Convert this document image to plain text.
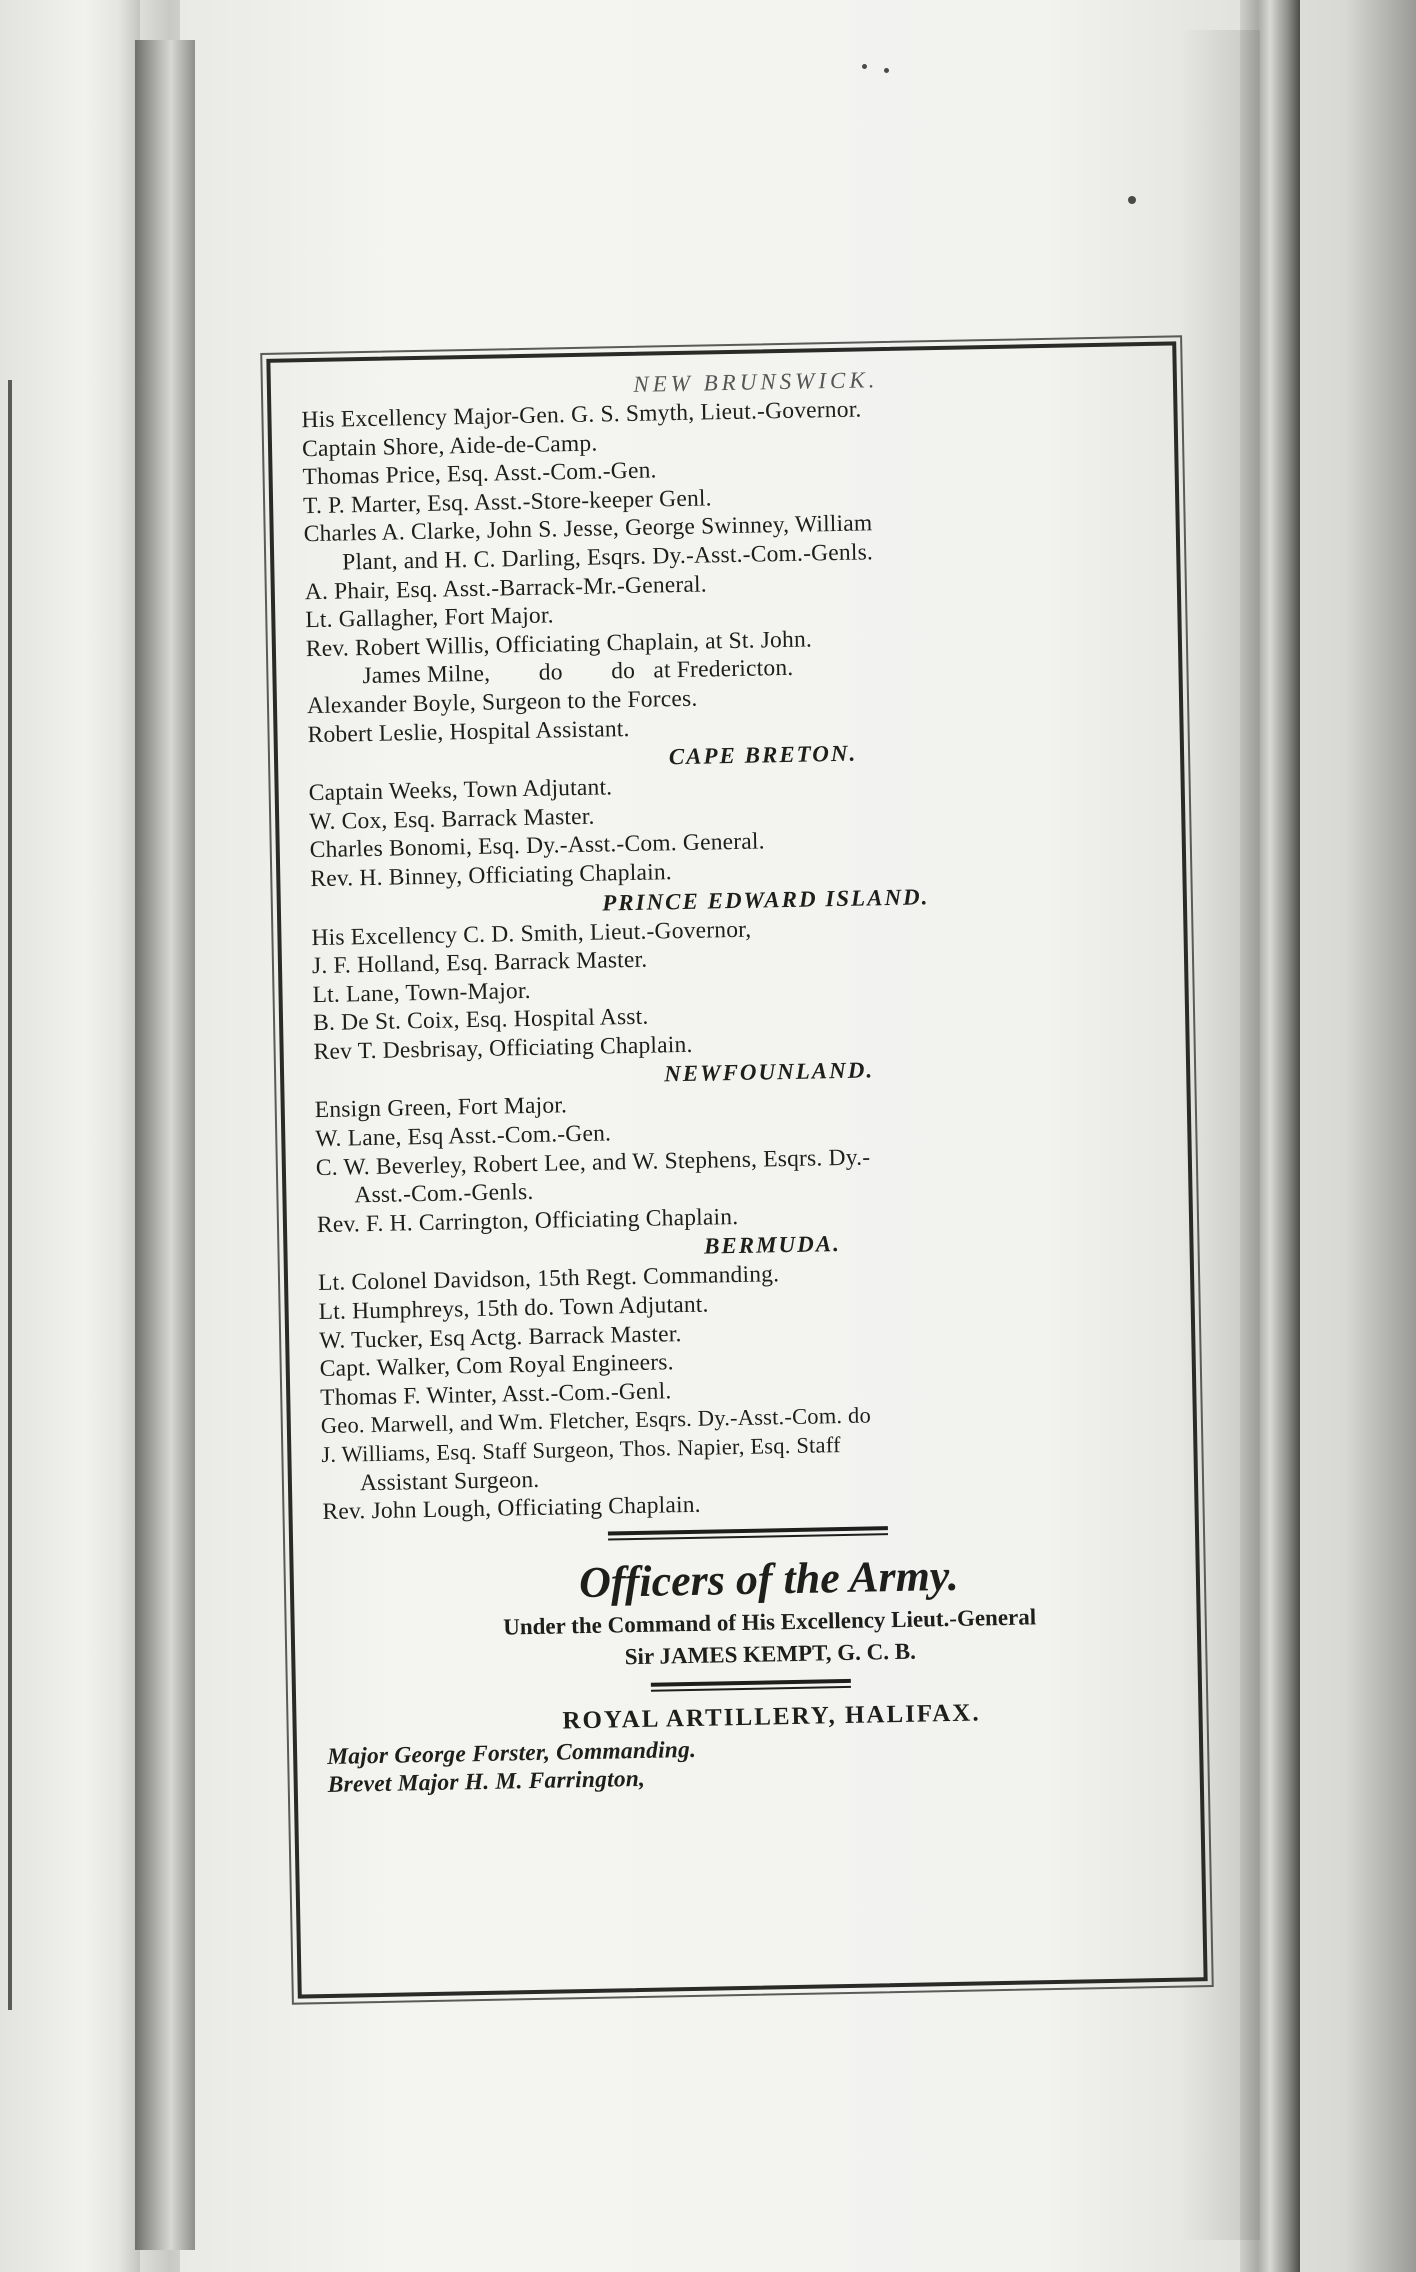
NEW BRUNSWICK.
His Excellency Major-Gen. G. S. Smyth, Lieut.-Governor.
Captain Shore, Aide-de-Camp.
Thomas Price, Esq. Asst.-Com.-Gen.
T. P. Marter, Esq. Asst.-Store-keeper Genl.
Charles A. Clarke, John S. Jesse, George Swinney, William
Plant, and H. C. Darling, Esqrs. Dy.-Asst.-Com.-Genls.
A. Phair, Esq. Asst.-Barrack-Mr.-General.
Lt. Gallagher, Fort Major.
Rev. Robert Willis, Officiating Chaplain, at St. John.
James Milne,        do        do   at Fredericton.
Alexander Boyle, Surgeon to the Forces.
Robert Leslie, Hospital Assistant.
CAPE BRETON.
Captain Weeks, Town Adjutant.
W. Cox, Esq. Barrack Master.
Charles Bonomi, Esq. Dy.-Asst.-Com. General.
Rev. H. Binney, Officiating Chaplain.
PRINCE EDWARD ISLAND.
His Excellency C. D. Smith, Lieut.-Governor,
J. F. Holland, Esq. Barrack Master.
Lt. Lane, Town-Major.
B. De St. Coix, Esq. Hospital Asst.
Rev T. Desbrisay, Officiating Chaplain.
NEWFOUNLAND.
Ensign Green, Fort Major.
W. Lane, Esq Asst.-Com.-Gen.
C. W. Beverley, Robert Lee, and W. Stephens, Esqrs. Dy.-
Asst.-Com.-Genls.
Rev. F. H. Carrington, Officiating Chaplain.
BERMUDA.
Lt. Colonel Davidson, 15th Regt. Commanding.
Lt. Humphreys, 15th do. Town Adjutant.
W. Tucker, Esq Actg. Barrack Master.
Capt. Walker, Com Royal Engineers.
Thomas F. Winter, Asst.-Com.-Genl.
Geo. Marwell, and Wm. Fletcher, Esqrs. Dy.-Asst.-Com. do
J. Williams, Esq. Staff Surgeon, Thos. Napier, Esq. Staff
Assistant Surgeon.
Rev. John Lough, Officiating Chaplain.
Officers of the Army.
Under the Command of His Excellency Lieut.-General
Sir JAMES KEMPT, G. C. B.
ROYAL ARTILLERY, HALIFAX.
Major George Forster, Commanding.
Brevet Major H. M. Farrington,
